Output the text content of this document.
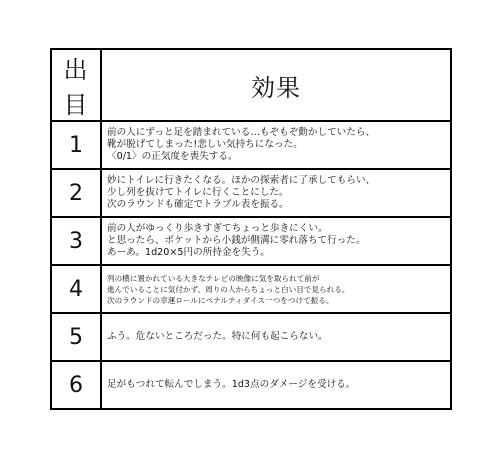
出目	効果
1	前の人にずっと足を踏まれている…もぞもぞ動かしていたら、
靴が脱げてしまった!悲しい気持ちになった。
〈0/1〉の正気度を喪失する。

2	妙にトイレに行きたくなる。ほかの探索者に了承してもらい、
少し列を抜けてトイレに行くことにした。
次のラウンドも確定でトラブル表を振る。

3	前の人がゆっくり歩きすぎてちょっと歩きにくい。
と思ったら、ポケットから小銭が側溝に零れ落ちて行った。
あーあ。1d20×5円の所持金を失う。

4	列の横に置かれている大きなテレビの映像に気を取られて前が
進んでいることに気付かず、周りの人からちょっと白い目で見られる。
次のラウンドの幸運ロールにペナルティダイス一つをつけて振る。

5	ふう。危ないところだった。特に何も起こらない。

6	足がもつれて転んでしまう。1d3点のダメージを受ける。
